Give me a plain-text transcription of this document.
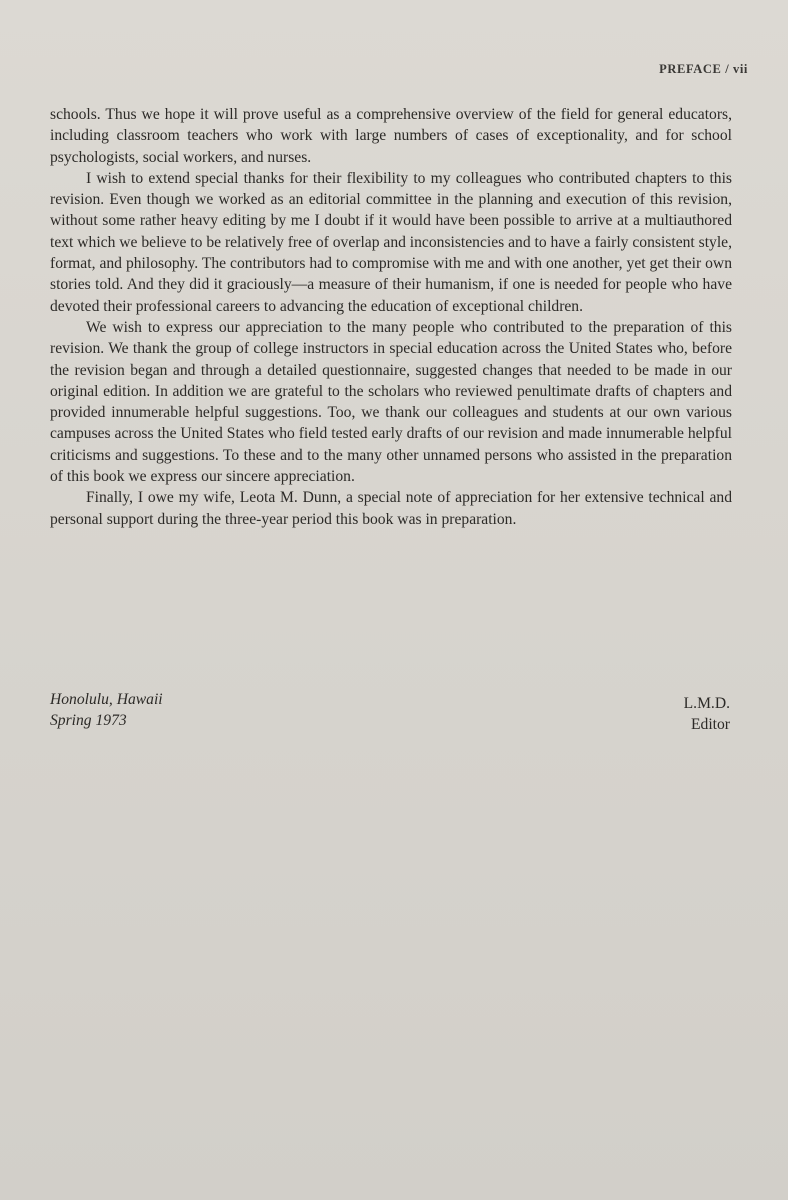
PREFACE / vii

schools. Thus we hope it will prove useful as a comprehensive overview of the field for general educators, including classroom teachers who work with large numbers of cases of exceptionality, and for school psychologists, social workers, and nurses.

I wish to extend special thanks for their flexibility to my colleagues who contributed chapters to this revision. Even though we worked as an editorial committee in the planning and execution of this revision, without some rather heavy editing by me I doubt if it would have been possible to arrive at a multiauthored text which we believe to be relatively free of overlap and inconsistencies and to have a fairly consistent style, format, and philosophy. The contributors had to compromise with me and with one another, yet get their own stories told. And they did it graciously—a measure of their humanism, if one is needed for people who have devoted their professional careers to advancing the education of exceptional children.

We wish to express our appreciation to the many people who contributed to the preparation of this revision. We thank the group of college instructors in special education across the United States who, before the revision began and through a detailed questionnaire, suggested changes that needed to be made in our original edition. In addition we are grateful to the scholars who reviewed penultimate drafts of chapters and provided innumerable helpful suggestions. Too, we thank our colleagues and students at our own various campuses across the United States who field tested early drafts of our revision and made innumerable helpful criticisms and suggestions. To these and to the many other unnamed persons who assisted in the preparation of this book we express our sincere appreciation.

Finally, I owe my wife, Leota M. Dunn, a special note of appreciation for her extensive technical and personal support during the three-year period this book was in preparation.

Honolulu, Hawaii
Spring 1973
L.M.D.
Editor
